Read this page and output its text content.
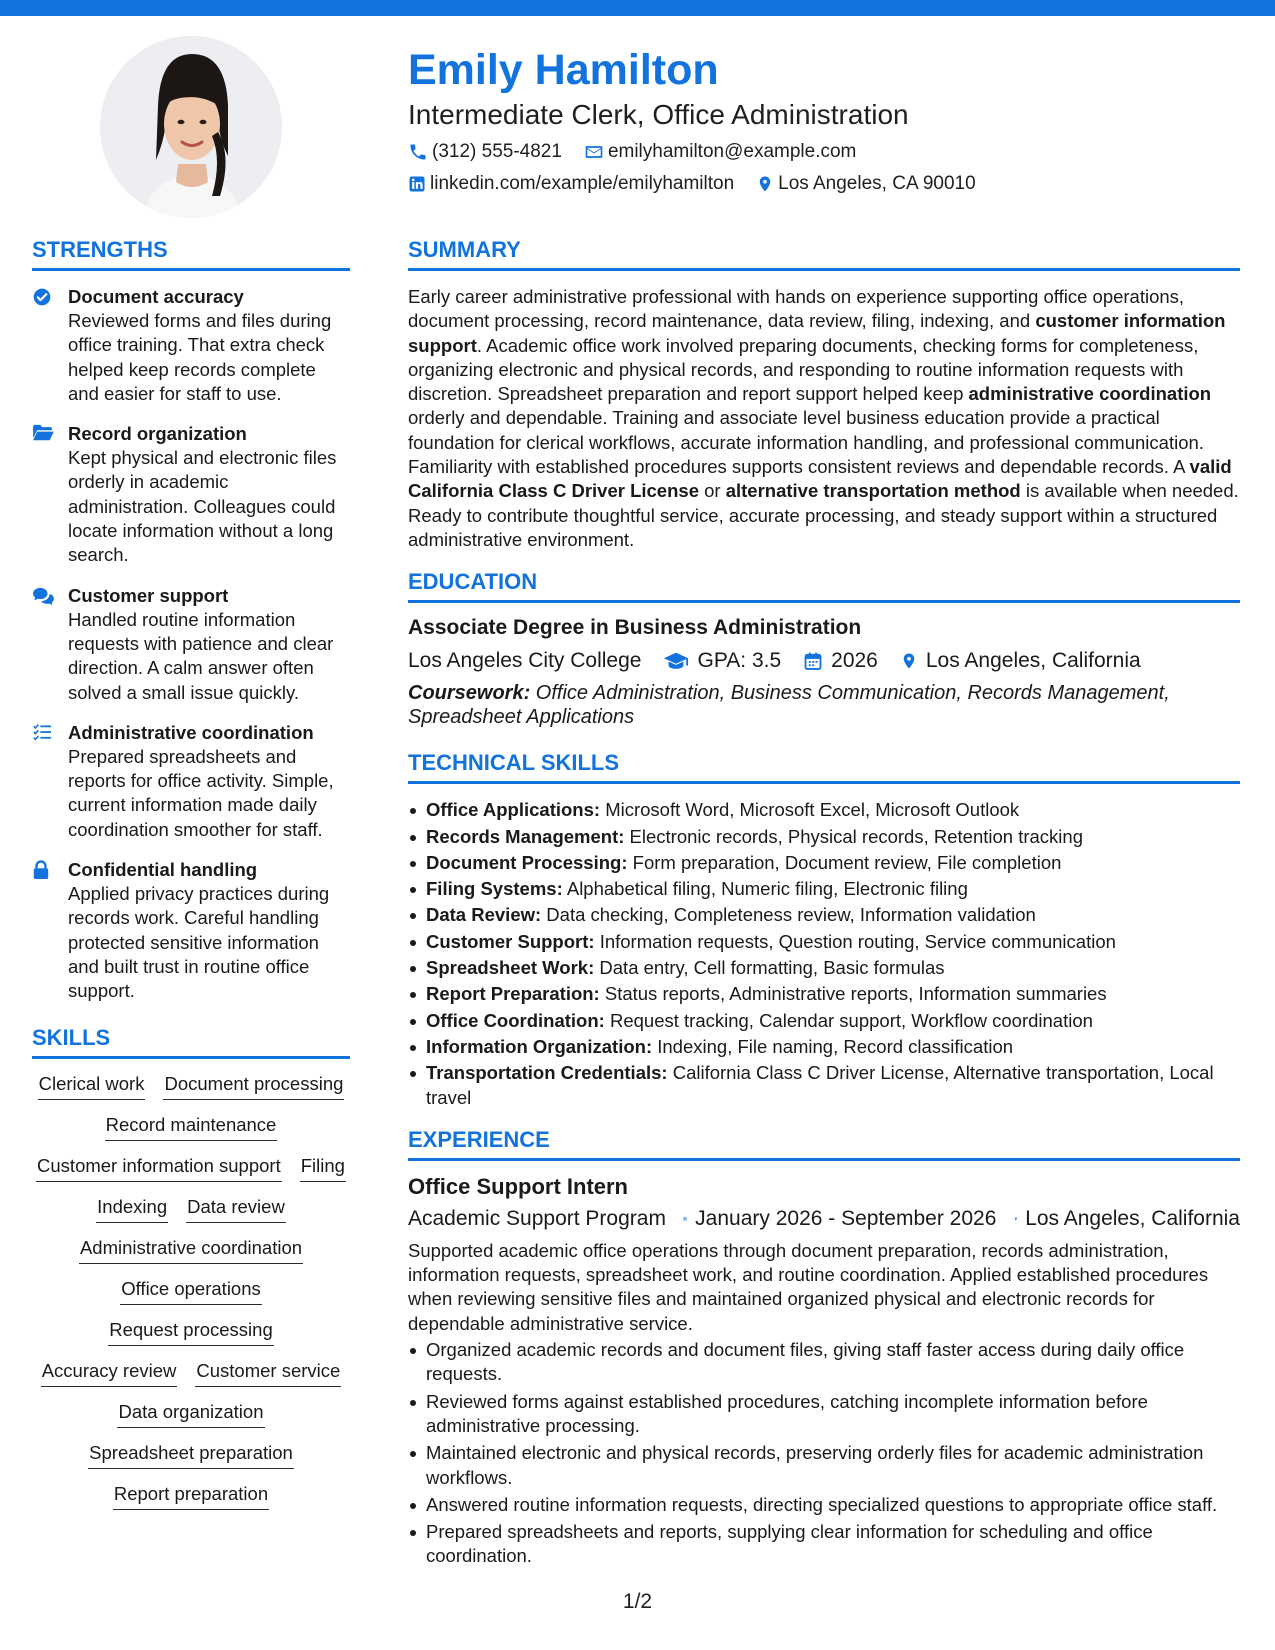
Emily Hamilton
Intermediate Clerk, Office Administration
(312) 555-4821 emilyhamilton@example.com
linkedin.com/example/emilyhamilton Los Angeles, CA 90010
STRENGTHS
Document accuracy
Reviewed forms and files during office training. That extra check helped keep records complete and easier for staff to use.
Record organization
Kept physical and electronic files orderly in academic administration. Colleagues could locate information without a long search.
Customer support
Handled routine information requests with patience and clear direction. A calm answer often solved a small issue quickly.
Administrative coordination
Prepared spreadsheets and reports for office activity. Simple, current information made daily coordination smoother for staff.
Confidential handling
Applied privacy practices during records work. Careful handling protected sensitive information and built trust in routine office support.
SKILLS
Clerical work Document processing
Record maintenance
Customer information support Filing
Indexing Data review
Administrative coordination
Office operations
Request processing
Accuracy review Customer service
Data organization
Spreadsheet preparation
Report preparation
SUMMARY

Early career administrative professional with hands on experience supporting office operations, document processing, record maintenance, data review, filing, indexing, and customer information support. Academic office work involved preparing documents, checking forms for completeness, organizing electronic and physical records, and responding to routine information requests with discretion. Spreadsheet preparation and report support helped keep administrative coordination orderly and dependable. Training and associate level business education provide a practical foundation for clerical workflows, accurate information handling, and professional communication. Familiarity with established procedures supports consistent reviews and dependable records. A valid California Class C Driver License or alternative transportation method is available when needed. Ready to contribute thoughtful service, accurate processing, and steady support within a structured administrative environment.

EDUCATION
Associate Degree in Business Administration
Los Angeles City College	GPA: 3.5 2026 Los Angeles, California
Coursework: Office Administration, Business Communication, Records Management, Spreadsheet Applications
TECHNICAL SKILLS
Office Applications: Microsoft Word, Microsoft Excel, Microsoft Outlook
Records Management: Electronic records, Physical records, Retention tracking
Document Processing: Form preparation, Document review, File completion
Filing Systems: Alphabetical filing, Numeric filing, Electronic filing
Data Review: Data checking, Completeness review, Information validation
Customer Support: Information requests, Question routing, Service communication
Spreadsheet Work: Data entry, Cell formatting, Basic formulas
Report Preparation: Status reports, Administrative reports, Information summaries
Office Coordination: Request tracking, Calendar support, Workflow coordination
Information Organization: Indexing, File naming, Record classification
Transportation Credentials: California Class C Driver License, Alternative transportation, Local travel
EXPERIENCE
Office Support Intern
Academic Support Program January 2026 - September 2026 Los Angeles, California
Supported academic office operations through document preparation, records administration, information requests, spreadsheet work, and routine coordination. Applied established procedures when reviewing sensitive files and maintained organized physical and electronic records for dependable administrative service.
Organized academic records and document files, giving staff faster access during daily office requests.
Reviewed forms against established procedures, catching incomplete information before administrative processing.
Maintained electronic and physical records, preserving orderly files for academic administration workflows.
Answered routine information requests, directing specialized questions to appropriate office staff.
Prepared spreadsheets and reports, supplying clear information for scheduling and office coordination.
1/2
